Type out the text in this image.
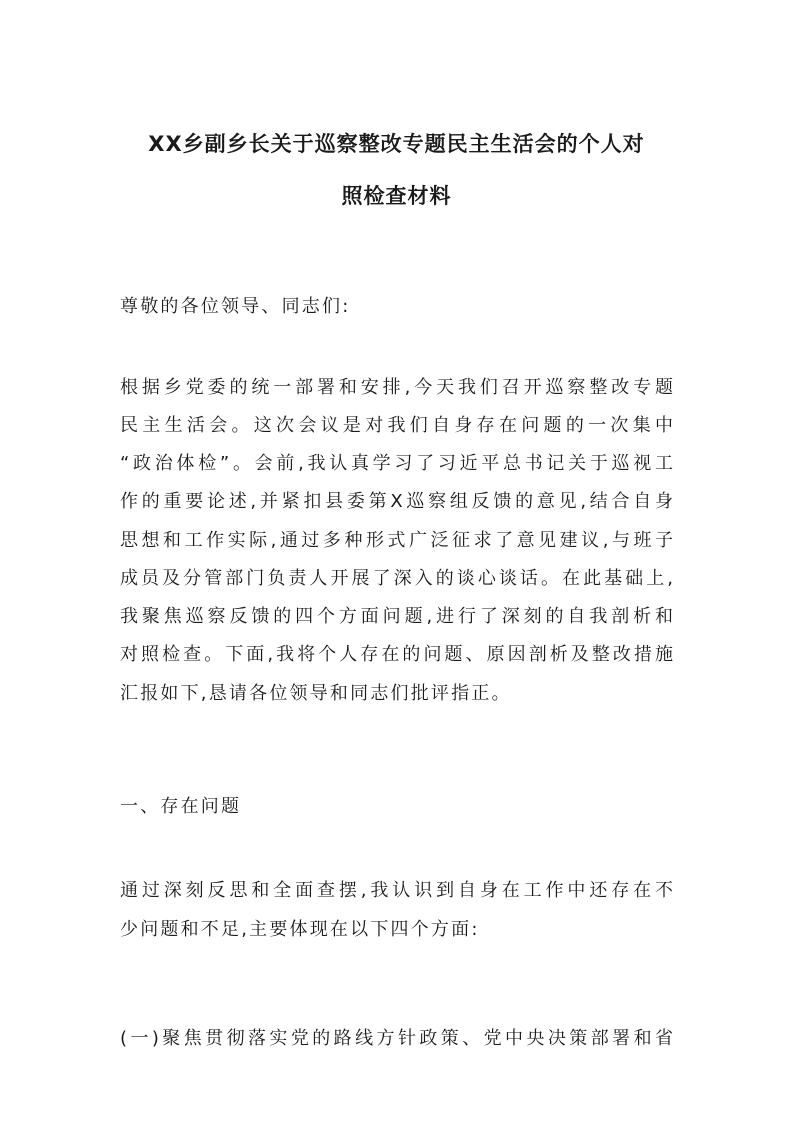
XX乡副乡长关于巡察整改专题民主生活会的个人对
照检查材料

尊敬的各位领导、同志们:

根据乡党委的统一部署和安排,今天我们召开巡察整改专题

民主生活会。这次会议是对我们自身存在问题的一次集中

“政治体检”。会前,我认真学习了习近平总书记关于巡视工

作的重要论述,并紧扣县委第X巡察组反馈的意见,结合自身

思想和工作实际,通过多种形式广泛征求了意见建议,与班子

成员及分管部门负责人开展了深入的谈心谈话。在此基础上,

我聚焦巡察反馈的四个方面问题,进行了深刻的自我剖析和

对照检查。下面,我将个人存在的问题、原因剖析及整改措施

汇报如下,恳请各位领导和同志们批评指正。

一、存在问题

通过深刻反思和全面查摆,我认识到自身在工作中还存在不

少问题和不足,主要体现在以下四个方面:

(一)聚焦贯彻落实党的路线方针政策、党中央决策部署和省
